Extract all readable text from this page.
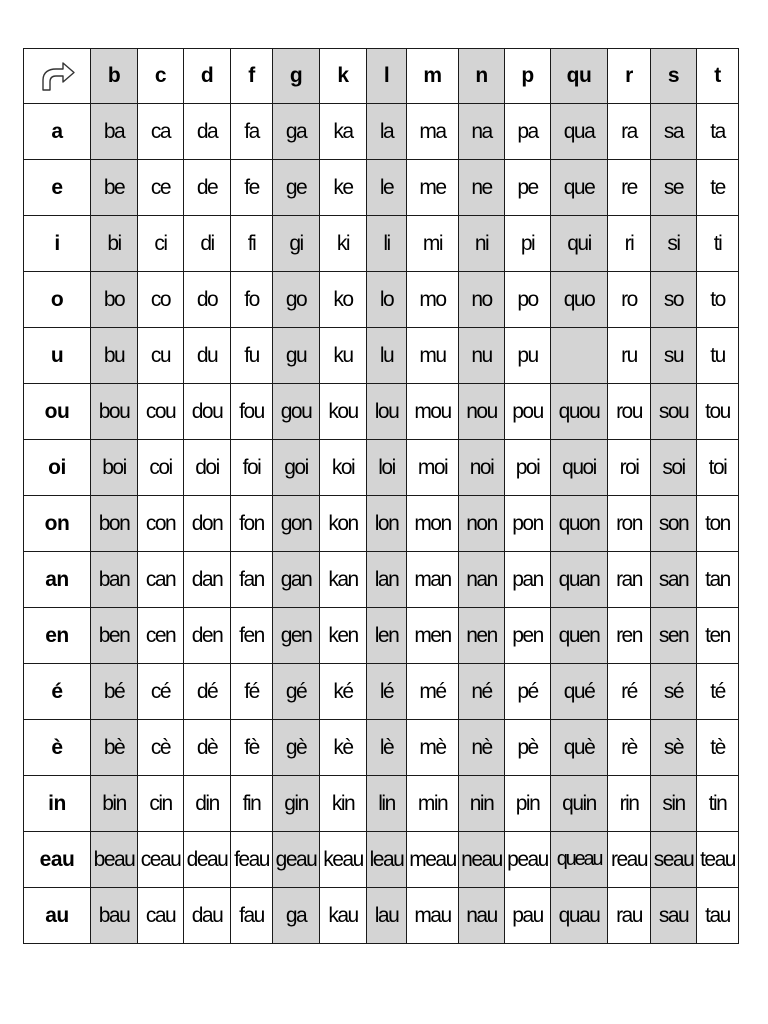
	b	c	d	f	g	k	l	m	n	p	qu	r	s	t
a	ba	ca	da	fa	ga	ka	la	ma	na	pa	qua	ra	sa	ta
e	be	ce	de	fe	ge	ke	le	me	ne	pe	que	re	se	te
i	bi	ci	di	fi	gi	ki	li	mi	ni	pi	qui	ri	si	ti
o	bo	co	do	fo	go	ko	lo	mo	no	po	quo	ro	so	to
u	bu	cu	du	fu	gu	ku	lu	mu	nu	pu		ru	su	tu
ou	bou	cou	dou	fou	gou	kou	lou	mou	nou	pou	quou	rou	sou	tou
oi	boi	coi	doi	foi	goi	koi	loi	moi	noi	poi	quoi	roi	soi	toi
on	bon	con	don	fon	gon	kon	lon	mon	non	pon	quon	ron	son	ton
an	ban	can	dan	fan	gan	kan	lan	man	nan	pan	quan	ran	san	tan
en	ben	cen	den	fen	gen	ken	len	men	nen	pen	quen	ren	sen	ten
é	bé	cé	dé	fé	gé	ké	lé	mé	né	pé	qué	ré	sé	té
è	bè	cè	dè	fè	gè	kè	lè	mè	nè	pè	què	rè	sè	tè
in	bin	cin	din	fin	gin	kin	lin	min	nin	pin	quin	rin	sin	tin
eau	beau	ceau	deau	feau	geau	keau	leau	meau	neau	peau	queau	reau	seau	teau
au	bau	cau	dau	fau	ga	kau	lau	mau	nau	pau	quau	rau	sau	tau
